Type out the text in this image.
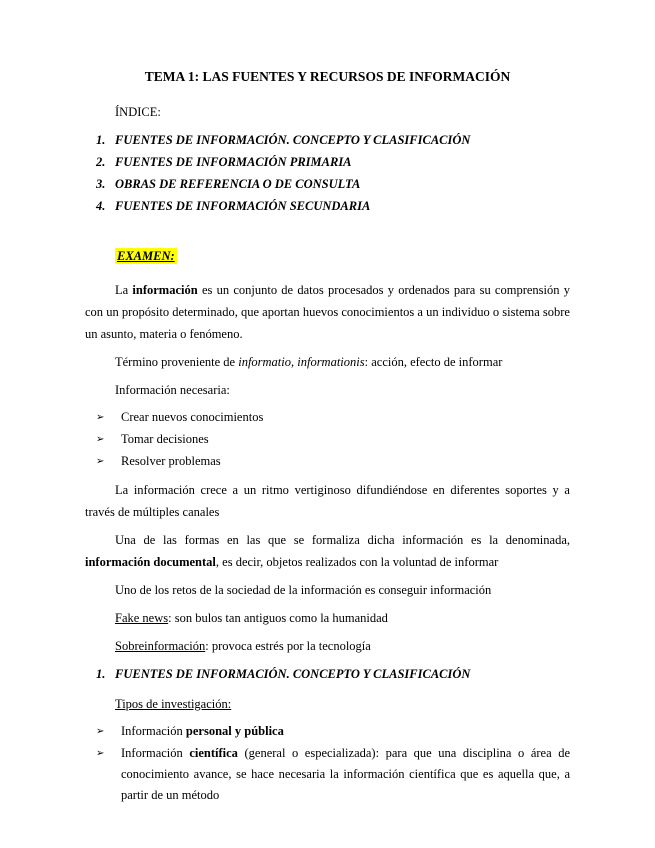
TEMA 1: LAS FUENTES Y RECURSOS DE INFORMACIÓN
ÍNDICE:
1. FUENTES DE INFORMACIÓN. CONCEPTO Y CLASIFICACIÓN
2. FUENTES DE INFORMACIÓN PRIMARIA
3. OBRAS DE REFERENCIA O DE CONSULTA
4. FUENTES DE INFORMACIÓN SECUNDARIA
EXAMEN:
La información es un conjunto de datos procesados y ordenados para su comprensión y con un propósito determinado, que aportan huevos conocimientos a un individuo o sistema sobre un asunto, materia o fenómeno.
Término proveniente de informatio, informationis: acción, efecto de informar
Información necesaria:
➢	Crear nuevos conocimientos
➢	Tomar decisiones
➢	Resolver problemas
La información crece a un ritmo vertiginoso difundiéndose en diferentes soportes y a través de múltiples canales
Una de las formas en las que se formaliza dicha información es la denominada, información documental, es decir, objetos realizados con la voluntad de informar
Uno de los retos de la sociedad de la información es conseguir información
Fake news: son bulos tan antiguos como la humanidad
Sobreinformación: provoca estrés por la tecnología
1. FUENTES DE INFORMACIÓN. CONCEPTO Y CLASIFICACIÓN
Tipos de investigación:
➢	Información personal y pública
➢	Información científica (general o especializada): para que una disciplina o área de conocimiento avance, se hace necesaria la información científica que es aquella que, a partir de un método
